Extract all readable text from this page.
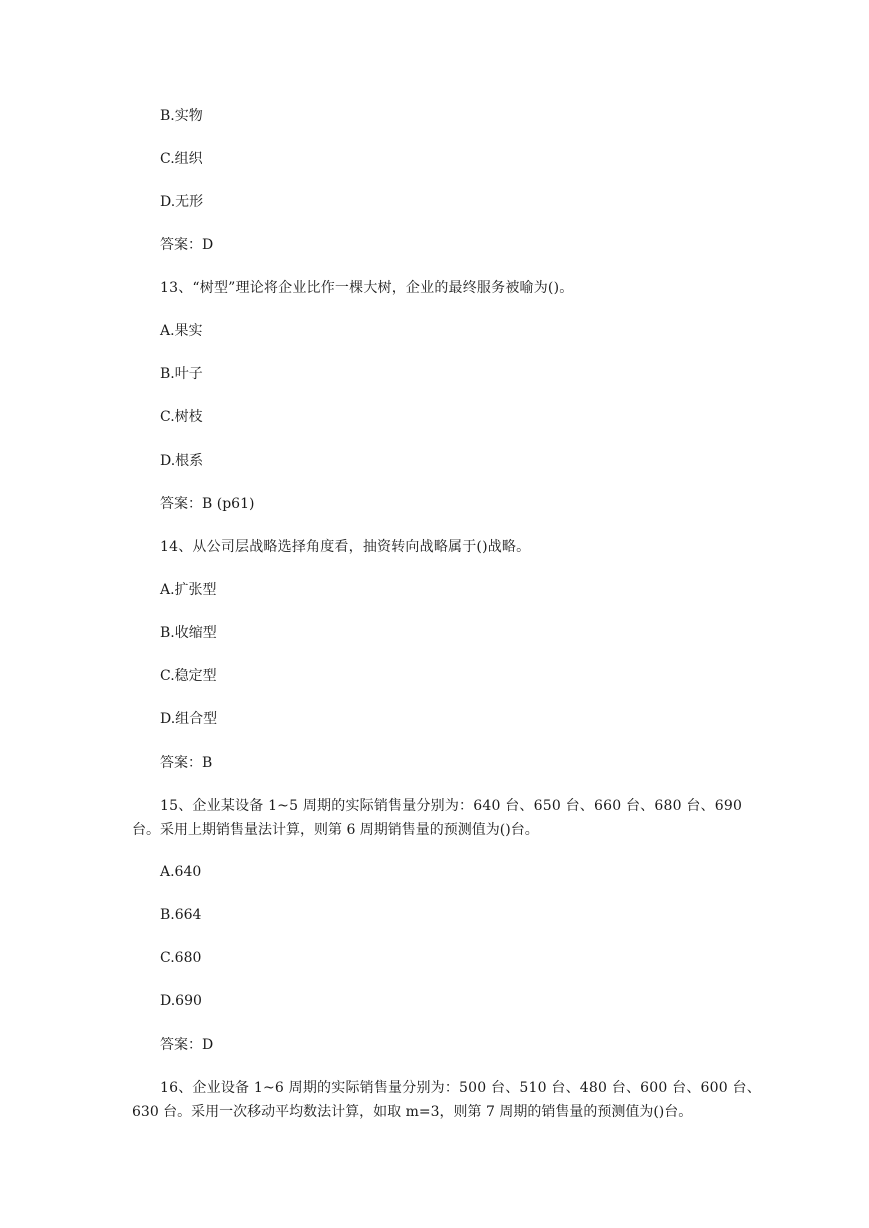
B.实物
C.组织
D.无形
答案：D
13、“树型”理论将企业比作一棵大树，企业的最终服务被喻为()。
A.果实
B.叶子
C.树枝
D.根系
答案：B (p61)
14、从公司层战略选择角度看，抽资转向战略属于()战略。
A.扩张型
B.收缩型
C.稳定型
D.组合型
答案：B
15、企业某设备 1~5 周期的实际销售量分别为：640 台、650 台、660 台、680 台、690
台。采用上期销售量法计算，则第 6 周期销售量的预测值为()台。
A.640
B.664
C.680
D.690
答案：D
16、企业设备 1~6 周期的实际销售量分别为：500 台、510 台、480 台、600 台、600 台、
630 台。采用一次移动平均数法计算，如取 m=3，则第 7 周期的销售量的预测值为()台。
